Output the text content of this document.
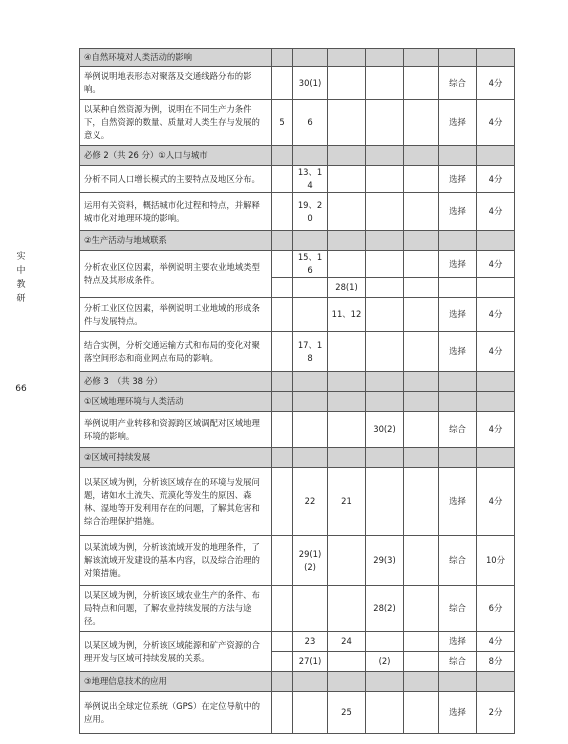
实
中
教
研
66
④自然环境对人类活动的影响							
举例说明地表形态对聚落及交通线路分布的影响。		30(1)				综合	4分
以某种自然资源为例，说明在不同生产力条件下，自然资源的数量、质量对人类生存与发展的意义。	5	6				选择	4分
必修 2（共 26 分）①人口与城市							
分析不同人口增长模式的主要特点及地区分布。		13、14				选择	4分
运用有关资料，概括城市化过程和特点，并解释城市化对地理环境的影响。		19、20				选择	4分
②生产活动与地域联系							
分析农业区位因素，举例说明主要农业地域类型特点及其形成条件。		15、16				选择	4分
			28(1)				
分析工业区位因素，举例说明工业地域的形成条件与发展特点。			11、12			选择	4分
结合实例，分析交通运输方式和布局的变化对聚落空间形态和商业网点布局的影响。		17、18				选择	4分
必修 3　（共 38 分）							
①区域地理环境与人类活动							
举例说明产业转移和资源跨区域调配对区域地理环境的影响。				30(2)		综合	4分
②区域可持续发展							
以某区域为例，分析该区域存在的环境与发展问题，诸如水土流失、荒漠化等发生的原因、森林、湿地等开发利用存在的问题，了解其危害和综合治理保护措施。		22	21			选择	4分
以某流域为例，分析该流域开发的地理条件，了解该流域开发建设的基本内容，以及综合治理的对策措施。		29(1)(2)		29(3)		综合	10分
以某区域为例，分析该区域农业生产的条件、布局特点和问题，了解农业持续发展的方法与途径。				28(2)		综合	6分
以某区域为例，分析该区域能源和矿产资源的合理开发与区域可持续发展的关系。		23	24			选择	4分
		27(1)		(2)		综合	8分
③地理信息技术的应用							
举例说出全球定位系统（GPS）在定位导航中的应用。			25			选择	2分
